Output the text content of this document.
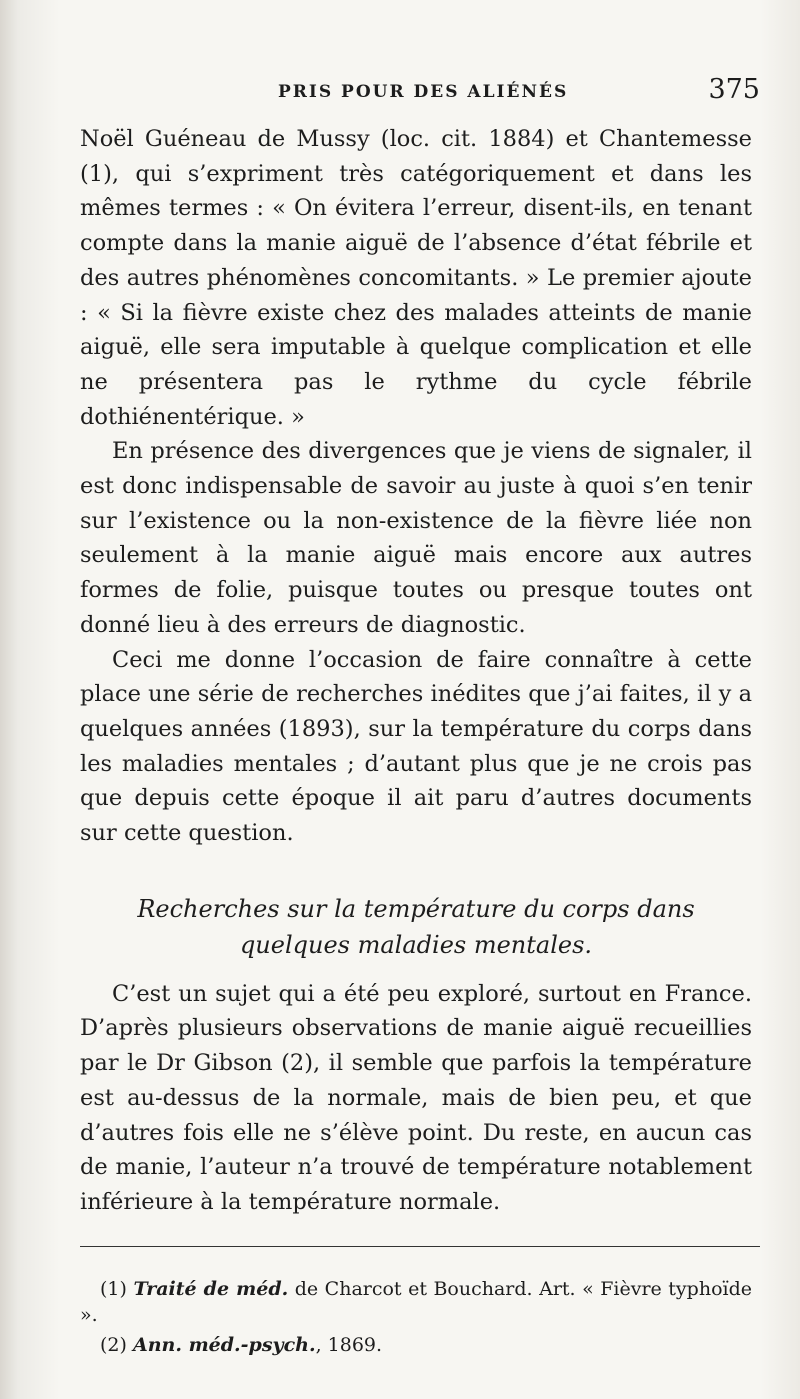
PRIS POUR DES ALIÉNÉS	375

Noël Guéneau de Mussy (loc. cit. 1884) et Chantemesse (1), qui s’expriment très catégoriquement et dans les mêmes termes : « On évitera l’erreur, disent-ils, en tenant compte dans la manie aiguë de l’absence d’état fébrile et des autres phénomènes concomitants. » Le premier ajoute : « Si la fièvre existe chez des malades atteints de manie aiguë, elle sera imputable à quelque complication et elle ne présentera pas le rythme du cycle fébrile dothiénentérique. »

En présence des divergences que je viens de signaler, il est donc indispensable de savoir au juste à quoi s’en tenir sur l’existence ou la non-existence de la fièvre liée non seulement à la manie aiguë mais encore aux autres formes de folie, puisque toutes ou presque toutes ont donné lieu à des erreurs de diagnostic.

Ceci me donne l’occasion de faire connaître à cette place une série de recherches inédites que j’ai faites, il y a quelques années (1893), sur la température du corps dans les maladies mentales ; d’autant plus que je ne crois pas que depuis cette époque il ait paru d’autres documents sur cette question.

Recherches sur la température du corps dans
quelques maladies mentales.

C’est un sujet qui a été peu exploré, surtout en France. D’après plusieurs observations de manie aiguë recueillies par le Dr Gibson (2), il semble que parfois la température est au-dessus de la normale, mais de bien peu, et que d’autres fois elle ne s’élève point. Du reste, en aucun cas de manie, l’auteur n’a trouvé de température notablement inférieure à la température normale.

(1) Traité de méd. de Charcot et Bouchard. Art. « Fièvre typhoïde ».
(2) Ann. méd.-psych., 1869.
